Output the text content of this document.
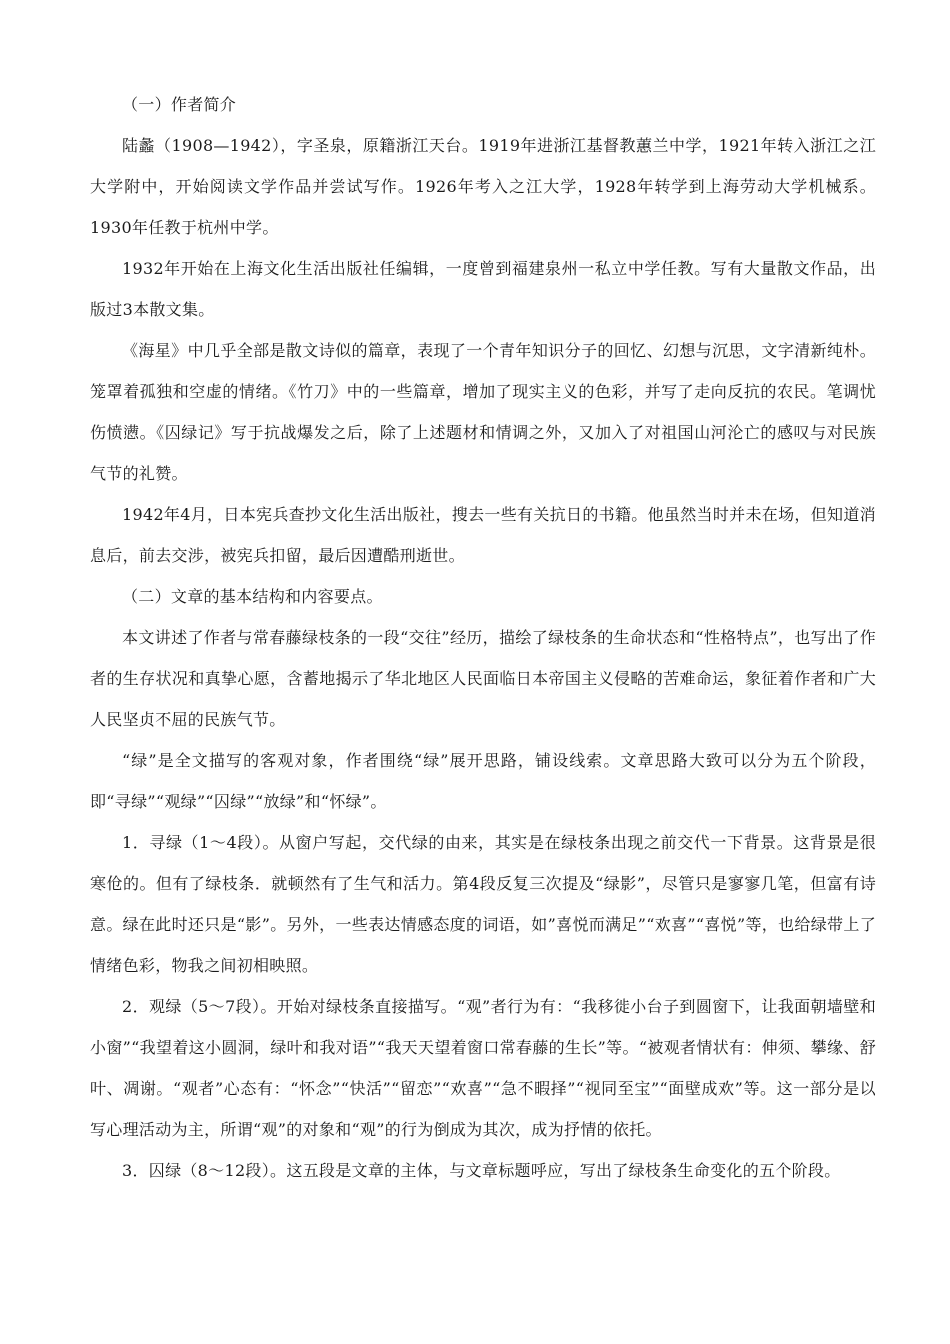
（一）作者简介

陆蠡（1908—1942），字圣泉，原籍浙江天台。1919年进浙江基督教蕙兰中学，1921年转入浙江之江大学附中，开始阅读文学作品并尝试写作。1926年考入之江大学，1928年转学到上海劳动大学机械系。1930年任教于杭州中学。

1932年开始在上海文化生活出版社任编辑，一度曾到福建泉州一私立中学任教。写有大量散文作品，出版过3本散文集。

《海星》中几乎全部是散文诗似的篇章，表现了一个青年知识分子的回忆、幻想与沉思，文字清新纯朴。笼罩着孤独和空虚的情绪。《竹刀》中的一些篇章，增加了现实主义的色彩，并写了走向反抗的农民。笔调忧伤愤懑。《囚绿记》写于抗战爆发之后，除了上述题材和情调之外，又加入了对祖国山河沦亡的感叹与对民族气节的礼赞。

1942年4月，日本宪兵查抄文化生活出版社，搜去一些有关抗日的书籍。他虽然当时并未在场，但知道消息后，前去交涉，被宪兵扣留，最后因遭酷刑逝世。

（二）文章的基本结构和内容要点。

本文讲述了作者与常春藤绿枝条的一段“交往”经历，描绘了绿枝条的生命状态和“性格特点”，也写出了作者的生存状况和真挚心愿，含蓄地揭示了华北地区人民面临日本帝国主义侵略的苦难命运，象征着作者和广大人民坚贞不屈的民族气节。

“绿”是全文描写的客观对象，作者围绕“绿”展开思路，铺设线索。文章思路大致可以分为五个阶段，即“寻绿”“观绿”“囚绿”“放绿”和“怀绿”。

1．寻绿（1～4段）。从窗户写起，交代绿的由来，其实是在绿枝条出现之前交代一下背景。这背景是很寒伧的。但有了绿枝条．就顿然有了生气和活力。第4段反复三次提及“绿影”，尽管只是寥寥几笔，但富有诗意。绿在此时还只是“影”。另外，一些表达情感态度的词语，如”喜悦而满足”“欢喜”“喜悦”等，也给绿带上了情绪色彩，物我之间初相映照。

2．观绿（5～7段）。开始对绿枝条直接描写。“观”者行为有：“我移徙小台子到圆窗下，让我面朝墙壁和小窗”“我望着这小圆洞，绿叶和我对语”“我天天望着窗口常春藤的生长”等。“被观者情状有：伸须、攀缘、舒叶、凋谢。“观者”心态有：“怀念”“快活”“留恋”“欢喜”“急不暇择”“视同至宝”“面壁成欢”等。这一部分是以写心理活动为主，所谓“观”的对象和“观”的行为倒成为其次，成为抒情的依托。

3．囚绿（8～12段）。这五段是文章的主体，与文章标题呼应，写出了绿枝条生命变化的五个阶段。
